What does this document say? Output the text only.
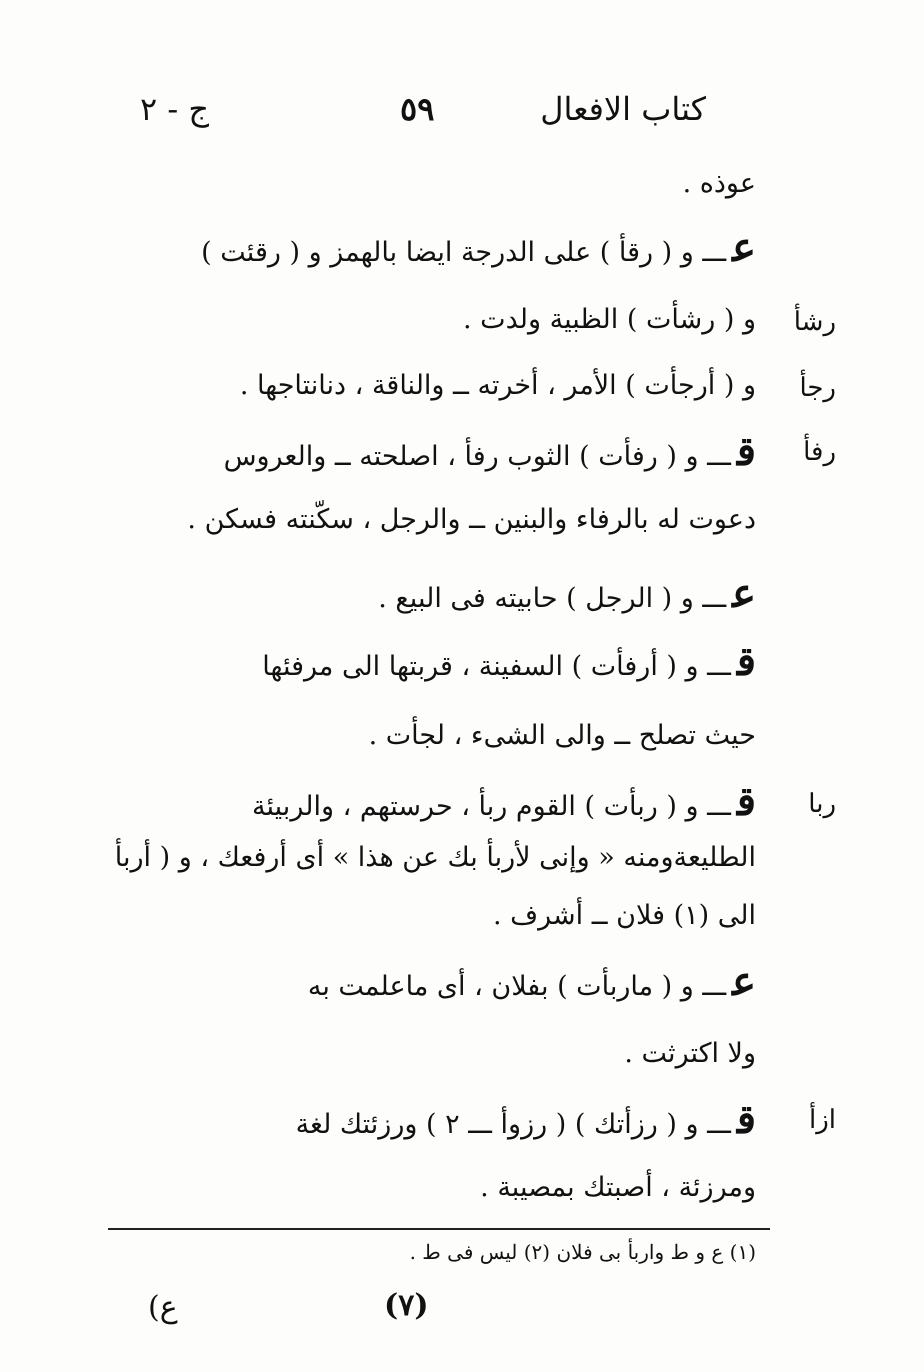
كتاب الافعال
٥٩
ج - ٢
عوذه .
عـــ و ( رقأ ) على الدرجة ايضا بالهمز و ( رقئت )
و ( رشأت ) الظبية ولدت . رشأ
و ( أرجأت ) الأمر ، أخرته ــ والناقة ، دنانتاجها . رجأ
قـــ و ( رفأت ) الثوب رفأ ، اصلحته ــ والعروس	رفأ
دعوت له بالرفاء والبنين ــ والرجل ، سكّنته فسكن .
عـــ و ( الرجل ) حابيته فى البيع .
قـــ و ( أرفأت ) السفينة ، قربتها الى مرفئها
حيث تصلح ــ والى الشىء ، لجأت .
قـــ و ( ربأت ) القوم ربأ ، حرستهم ، والربيئة	ربا
الطليعةومنه « وإنى لأربأ بك عن هذا » أى أرفعك ، و ( أربأ
الى (١) فلان ــ أشرف .
عـــ و ( ماربأت ) بفلان ، أى ماعلمت به
ولا اكترثت .
قـــ و ( رزأتك ) ( رزوأ ـــ ٢ ) ورزئتك لغة	ازأ
ومرزئة ، أصبتك بمصيبة .
(١) ع و ط واربأ بى فلان (٢) ليس فى ط .
ع)	(٧)
